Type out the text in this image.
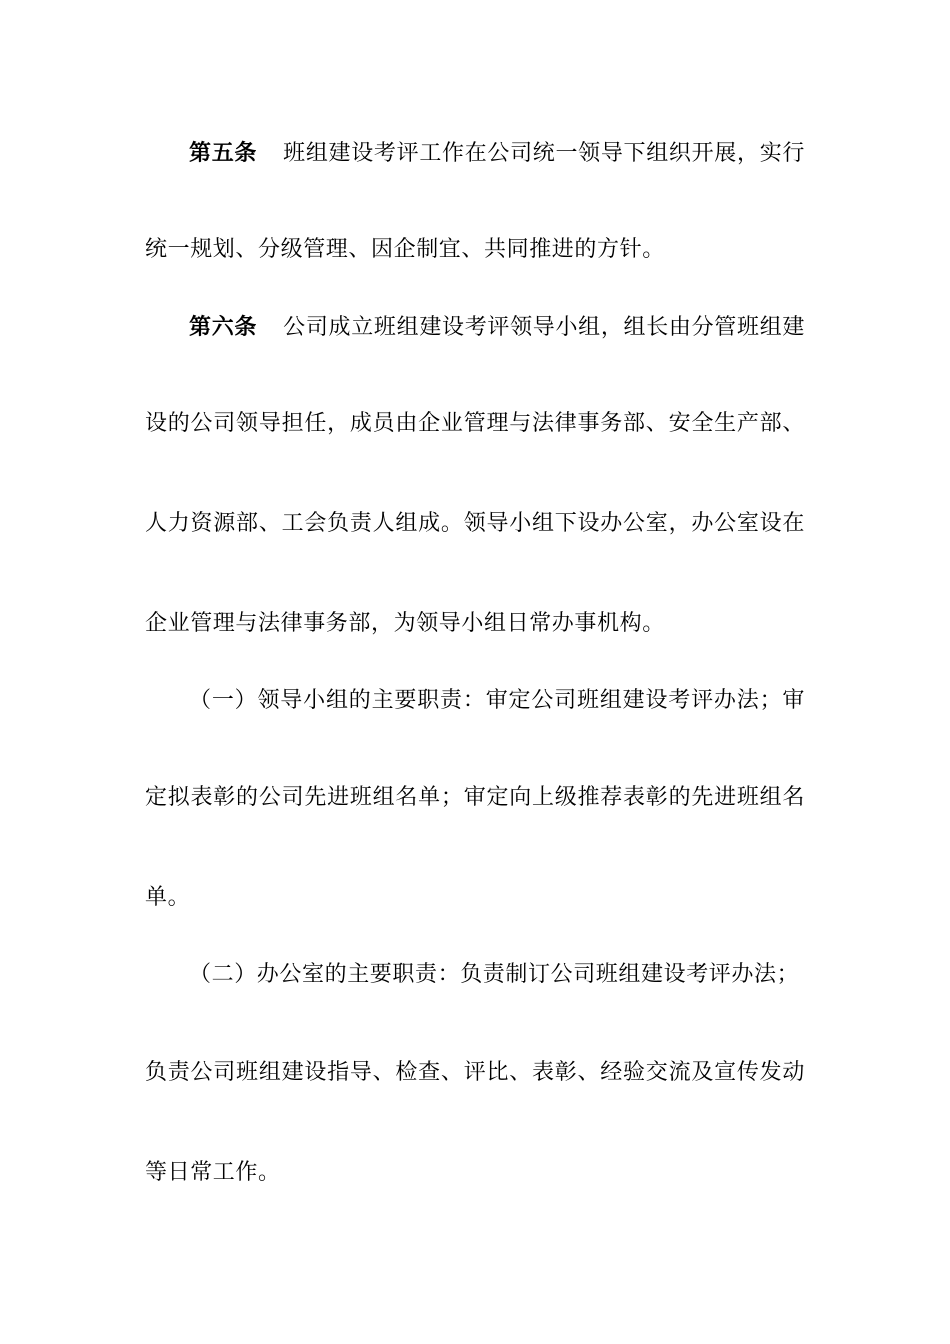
第五条 班组建设考评工作在公司统一领导下组织开展，实行
统一规划、分级管理、因企制宜、共同推进的方针。
第六条 公司成立班组建设考评领导小组，组长由分管班组建
设的公司领导担任，成员由企业管理与法律事务部、安全生产部、
人力资源部、工会负责人组成。领导小组下设办公室，办公室设在
企业管理与法律事务部，为领导小组日常办事机构。
（一）领导小组的主要职责：审定公司班组建设考评办法；审
定拟表彰的公司先进班组名单；审定向上级推荐表彰的先进班组名
单。
（二）办公室的主要职责：负责制订公司班组建设考评办法；
负责公司班组建设指导、检查、评比、表彰、经验交流及宣传发动
等日常工作。
